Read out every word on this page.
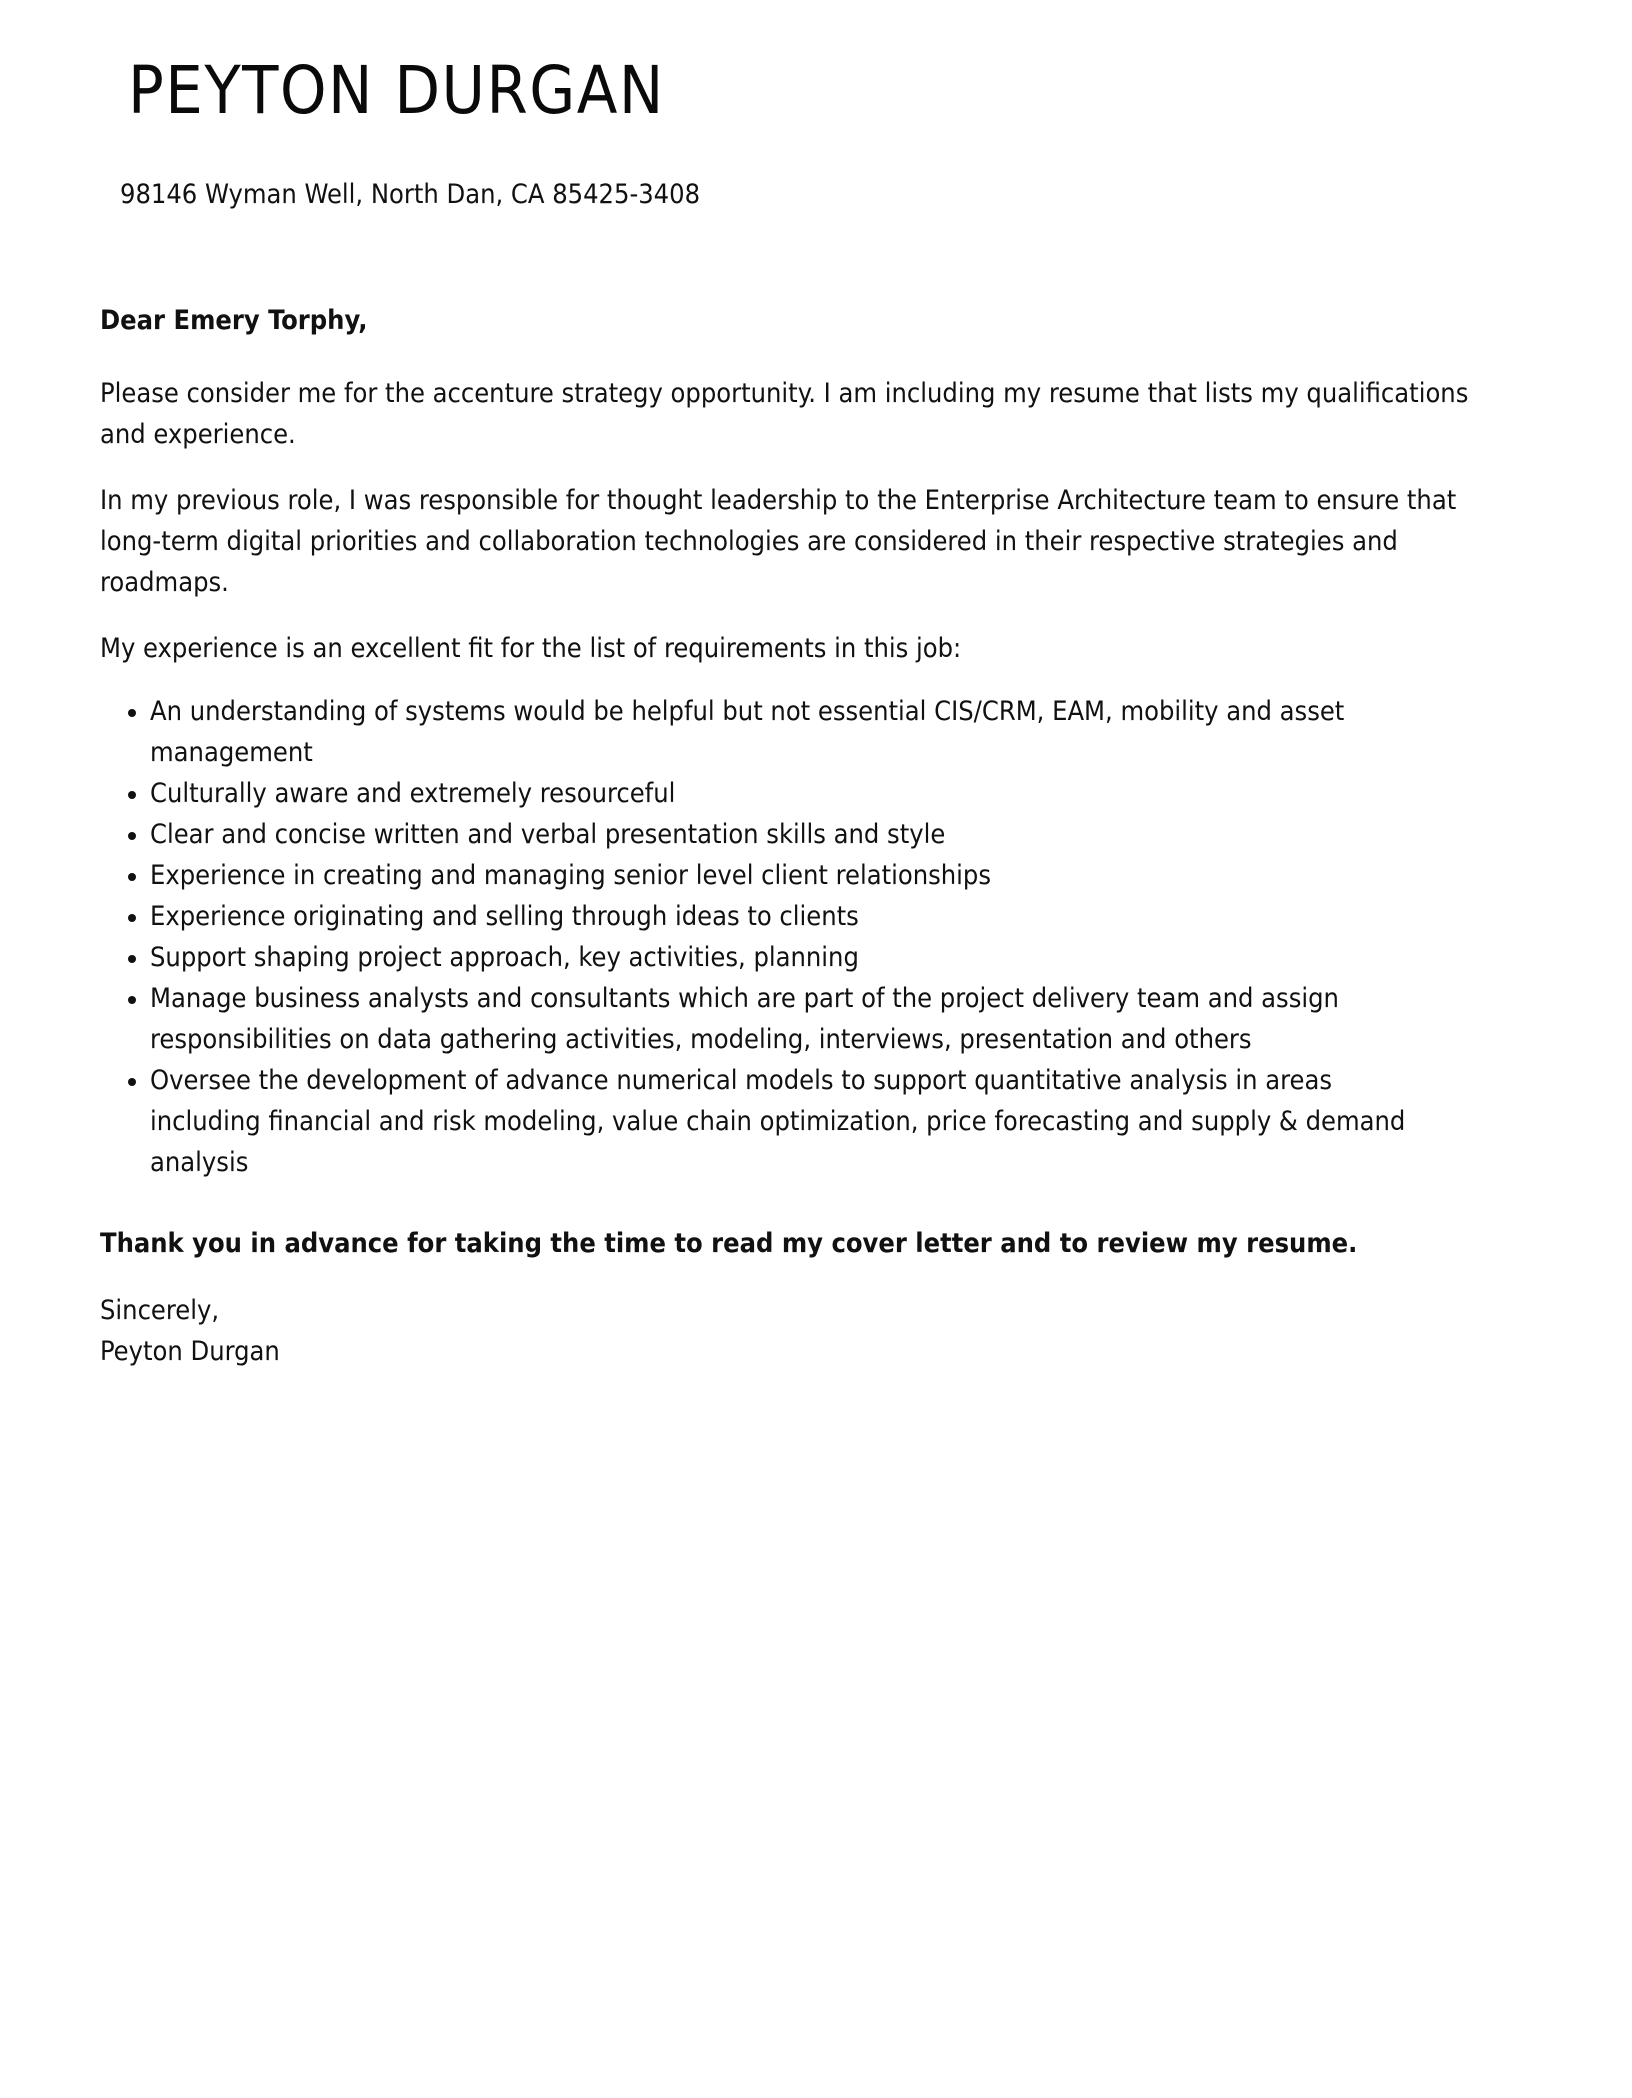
PEYTON DURGAN
98146 Wyman Well, North Dan, CA 85425-3408

Dear Emery Torphy,

Please consider me for the accenture strategy opportunity. I am including my resume that lists my qualifications and experience.

In my previous role, I was responsible for thought leadership to the Enterprise Architecture team to ensure that long-term digital priorities and collaboration technologies are considered in their respective strategies and roadmaps.

My experience is an excellent fit for the list of requirements in this job:

An understanding of systems would be helpful but not essential CIS/CRM, EAM, mobility and asset management
Culturally aware and extremely resourceful
Clear and concise written and verbal presentation skills and style
Experience in creating and managing senior level client relationships
Experience originating and selling through ideas to clients
Support shaping project approach, key activities, planning
Manage business analysts and consultants which are part of the project delivery team and assign responsibilities on data gathering activities, modeling, interviews, presentation and others
Oversee the development of advance numerical models to support quantitative analysis in areas including financial and risk modeling, value chain optimization, price forecasting and supply & demand analysis

Thank you in advance for taking the time to read my cover letter and to review my resume.

Sincerely,

Peyton Durgan
